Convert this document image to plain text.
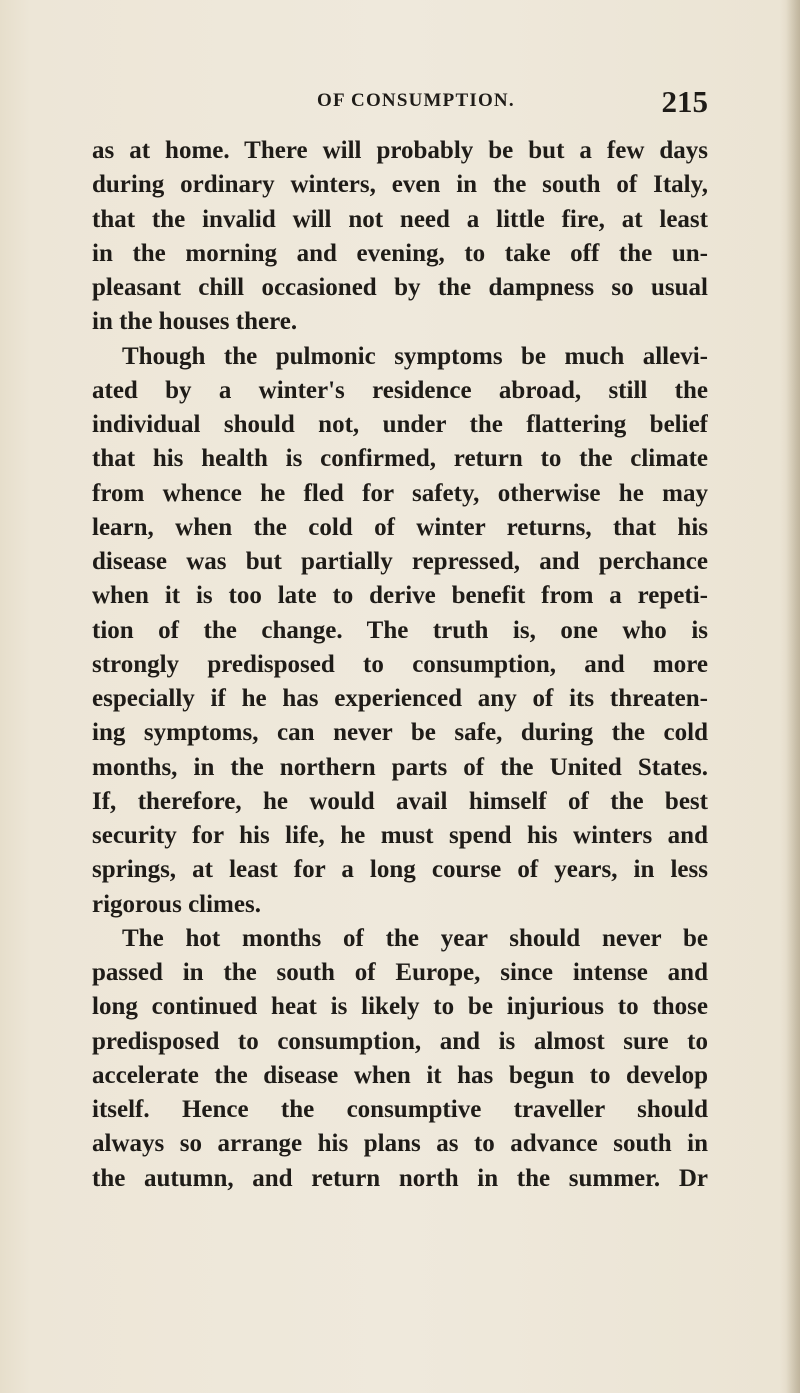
OF CONSUMPTION.	215
as at home. There will probably be but a few days
during ordinary winters, even in the south of Italy,
that the invalid will not need a little fire, at least
in the morning and evening, to take off the un-
pleasant chill occasioned by the dampness so usual
in the houses there.
Though the pulmonic symptoms be much allevi-
ated by a winter's residence abroad, still the
individual should not, under the flattering belief
that his health is confirmed, return to the climate
from whence he fled for safety, otherwise he may
learn, when the cold of winter returns, that his
disease was but partially repressed, and perchance
when it is too late to derive benefit from a repeti-
tion of the change. The truth is, one who is
strongly predisposed to consumption, and more
especially if he has experienced any of its threaten-
ing symptoms, can never be safe, during the cold
months, in the northern parts of the United States.
If, therefore, he would avail himself of the best
security for his life, he must spend his winters and
springs, at least for a long course of years, in less
rigorous climes.
The hot months of the year should never be
passed in the south of Europe, since intense and
long continued heat is likely to be injurious to those
predisposed to consumption, and is almost sure to
accelerate the disease when it has begun to develop
itself. Hence the consumptive traveller should
always so arrange his plans as to advance south in
the autumn, and return north in the summer. Dr
